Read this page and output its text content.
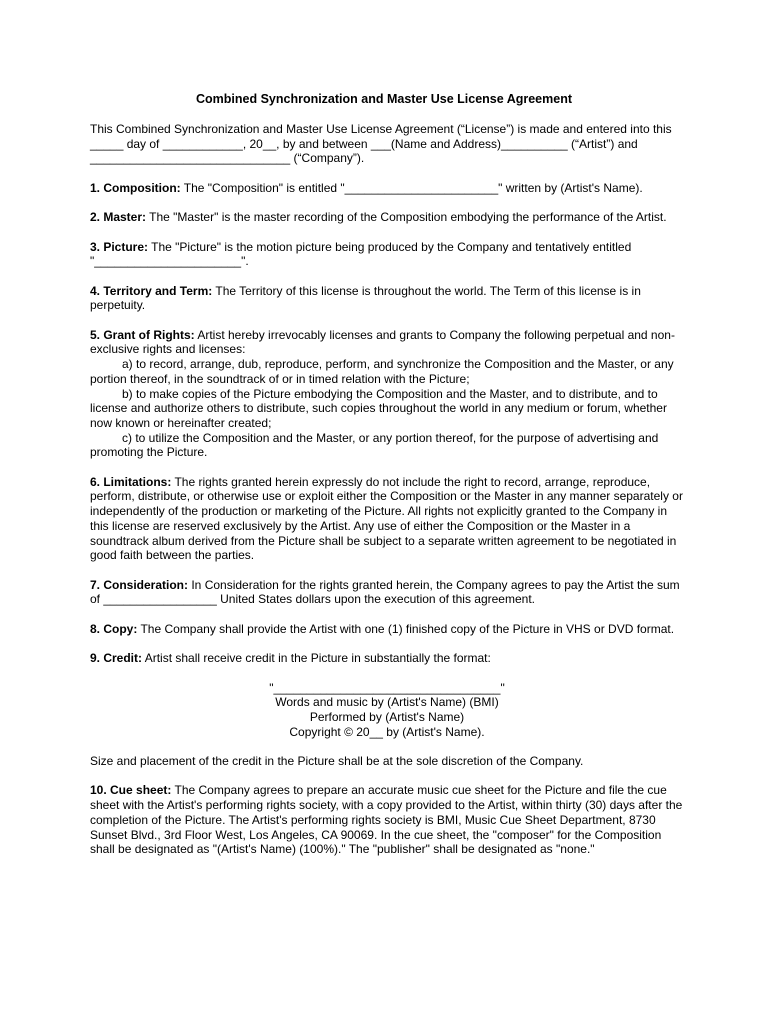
Combined Synchronization and Master Use License Agreement

This Combined Synchronization and Master Use License Agreement (“License”) is made and entered into this _____ day of ____________, 20__, by and between ___(Name and Address)__________ (“Artist”) and ______________________________ (“Company”).

1. Composition: The "Composition" is entitled "_______________________" written by (Artist's Name).

2. Master: The "Master" is the master recording of the Composition embodying the performance of the Artist.

3. Picture: The "Picture" is the motion picture being produced by the Company and tentatively entitled "______________________".

4. Territory and Term: The Territory of this license is throughout the world. The Term of this license is in perpetuity.

5. Grant of Rights: Artist hereby irrevocably licenses and grants to Company the following perpetual and non- exclusive rights and licenses:
a) to record, arrange, dub, reproduce, perform, and synchronize the Composition and the Master, or any portion thereof, in the soundtrack of or in timed relation with the Picture;
b) to make copies of the Picture embodying the Composition and the Master, and to distribute, and to license and authorize others to distribute, such copies throughout the world in any medium or forum, whether now known or hereinafter created;
c) to utilize the Composition and the Master, or any portion thereof, for the purpose of advertising and promoting the Picture.

6. Limitations: The rights granted herein expressly do not include the right to record, arrange, reproduce, perform, distribute, or otherwise use or exploit either the Composition or the Master in any manner separately or independently of the production or marketing of the Picture. All rights not explicitly granted to the Company in this license are reserved exclusively by the Artist. Any use of either the Composition or the Master in a soundtrack album derived from the Picture shall be subject to a separate written agreement to be negotiated in good faith between the parties.

7. Consideration: In Consideration for the rights granted herein, the Company agrees to pay the Artist the sum of _________________ United States dollars upon the execution of this agreement.

8. Copy: The Company shall provide the Artist with one (1) finished copy of the Picture in VHS or DVD format.

9. Credit: Artist shall receive credit in the Picture in substantially the format:

"__________________________________"
Words and music by (Artist's Name) (BMI)
Performed by (Artist's Name)
Copyright © 20__ by (Artist's Name).

Size and placement of the credit in the Picture shall be at the sole discretion of the Company.

10. Cue sheet: The Company agrees to prepare an accurate music cue sheet for the Picture and file the cue sheet with the Artist's performing rights society, with a copy provided to the Artist, within thirty (30) days after the completion of the Picture. The Artist's performing rights society is BMI, Music Cue Sheet Department, 8730 Sunset Blvd., 3rd Floor West, Los Angeles, CA 90069. In the cue sheet, the "composer" for the Composition shall be designated as "(Artist's Name) (100%)." The "publisher" shall be designated as "none."
